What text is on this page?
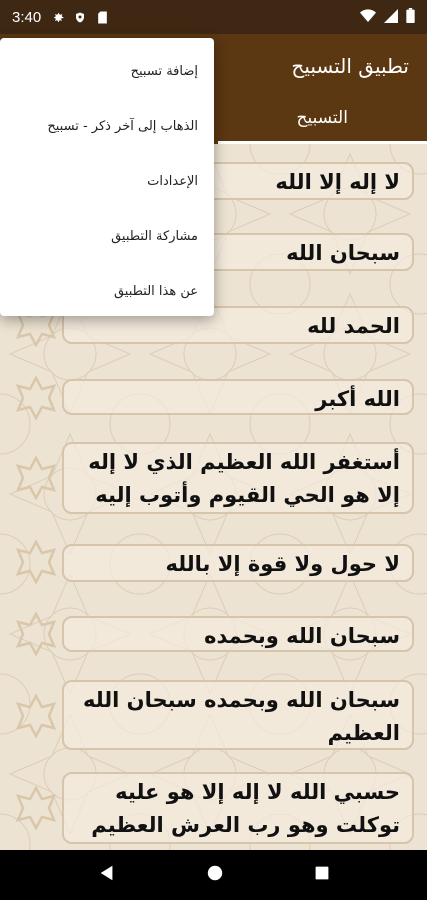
3:40
تطبيق التسبيح
التسبيح
لا إله إلا الله
سبحان الله
الحمد لله
الله أكبر
أستغفر الله العظيم الذي لا إله إلا هو الحي القيوم وأتوب إليه
لا حول ولا قوة إلا بالله
سبحان الله وبحمده
سبحان الله وبحمده سبحان الله العظيم
حسبي الله لا إله إلا هو عليه توكلت وهو رب العرش العظيم
إضافة تسبيح
الذهاب إلى آخر ذكر - تسبيح
الإعدادات
مشاركة التطبيق
عن هذا التطبيق
